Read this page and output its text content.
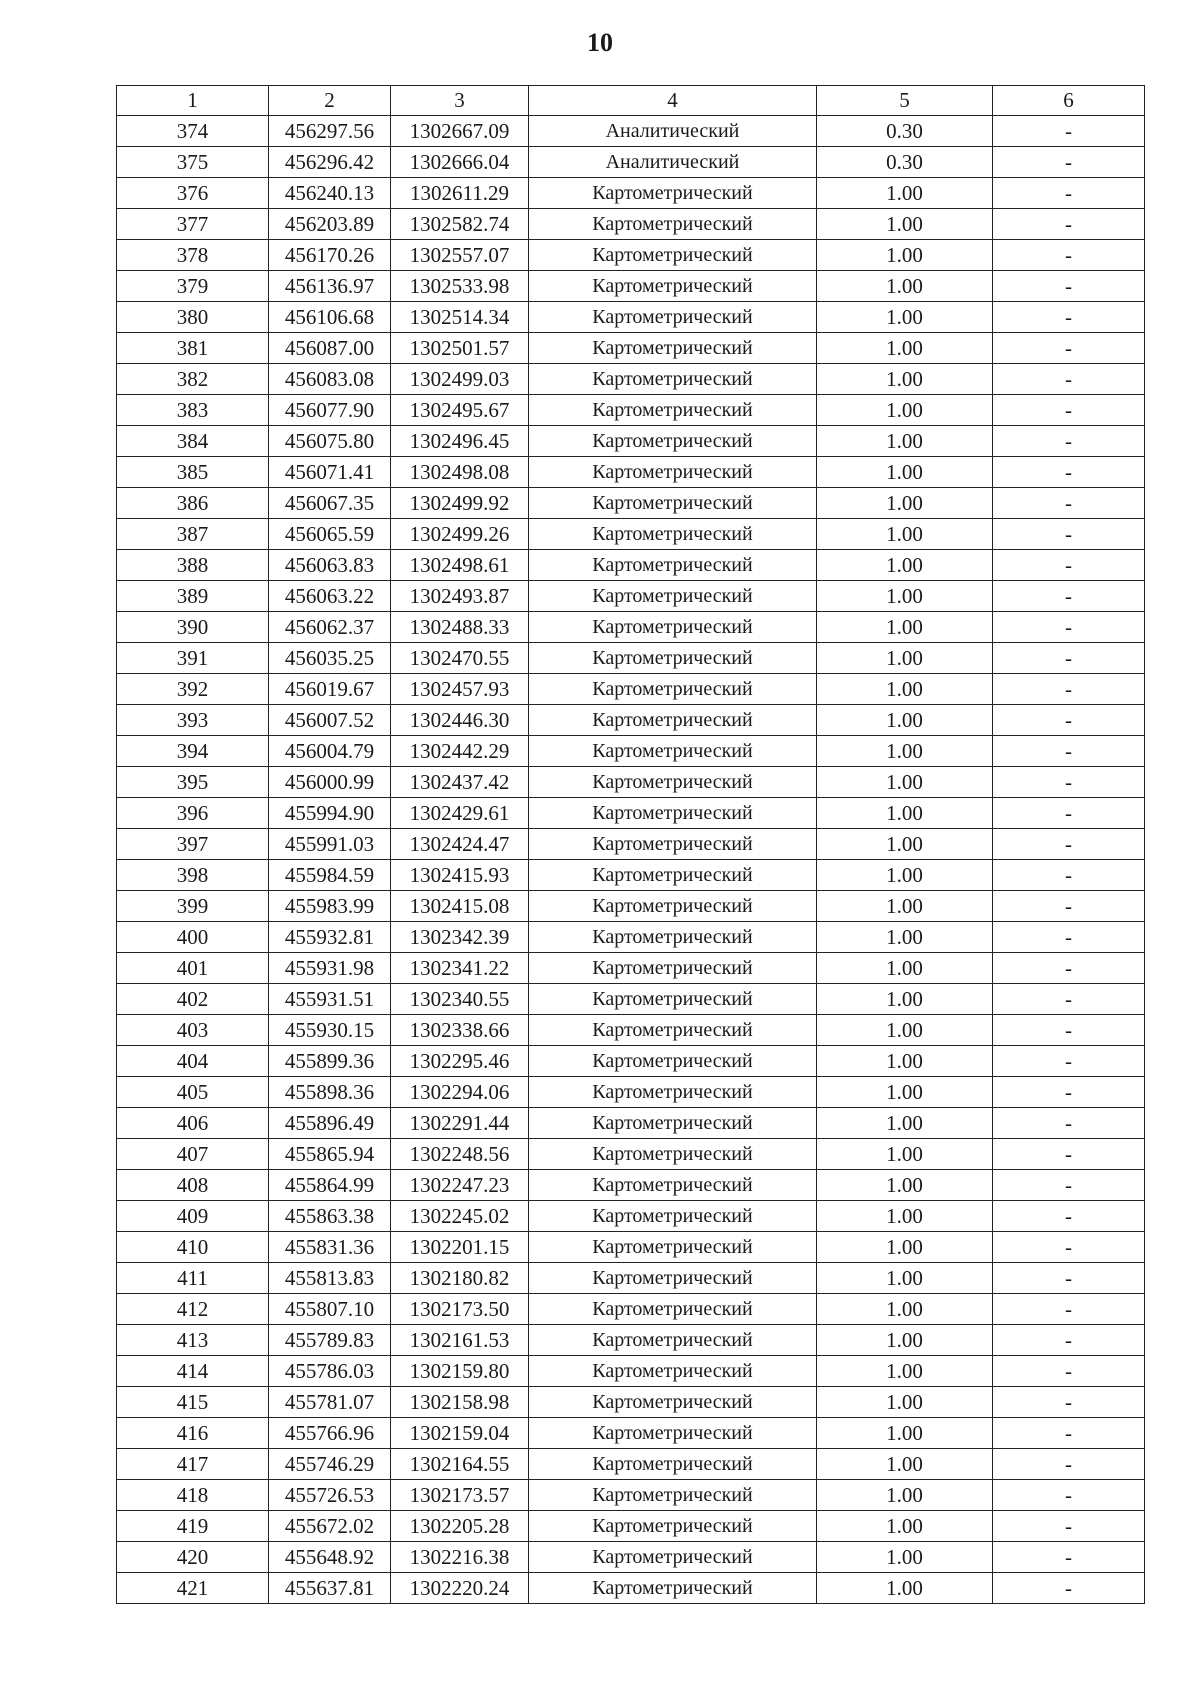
10
1	2	3	4	5	6
374	456297.56	1302667.09	Аналитический	0.30	-
375	456296.42	1302666.04	Аналитический	0.30	-
376	456240.13	1302611.29	Картометрический	1.00	-
377	456203.89	1302582.74	Картометрический	1.00	-
378	456170.26	1302557.07	Картометрический	1.00	-
379	456136.97	1302533.98	Картометрический	1.00	-
380	456106.68	1302514.34	Картометрический	1.00	-
381	456087.00	1302501.57	Картометрический	1.00	-
382	456083.08	1302499.03	Картометрический	1.00	-
383	456077.90	1302495.67	Картометрический	1.00	-
384	456075.80	1302496.45	Картометрический	1.00	-
385	456071.41	1302498.08	Картометрический	1.00	-
386	456067.35	1302499.92	Картометрический	1.00	-
387	456065.59	1302499.26	Картометрический	1.00	-
388	456063.83	1302498.61	Картометрический	1.00	-
389	456063.22	1302493.87	Картометрический	1.00	-
390	456062.37	1302488.33	Картометрический	1.00	-
391	456035.25	1302470.55	Картометрический	1.00	-
392	456019.67	1302457.93	Картометрический	1.00	-
393	456007.52	1302446.30	Картометрический	1.00	-
394	456004.79	1302442.29	Картометрический	1.00	-
395	456000.99	1302437.42	Картометрический	1.00	-
396	455994.90	1302429.61	Картометрический	1.00	-
397	455991.03	1302424.47	Картометрический	1.00	-
398	455984.59	1302415.93	Картометрический	1.00	-
399	455983.99	1302415.08	Картометрический	1.00	-
400	455932.81	1302342.39	Картометрический	1.00	-
401	455931.98	1302341.22	Картометрический	1.00	-
402	455931.51	1302340.55	Картометрический	1.00	-
403	455930.15	1302338.66	Картометрический	1.00	-
404	455899.36	1302295.46	Картометрический	1.00	-
405	455898.36	1302294.06	Картометрический	1.00	-
406	455896.49	1302291.44	Картометрический	1.00	-
407	455865.94	1302248.56	Картометрический	1.00	-
408	455864.99	1302247.23	Картометрический	1.00	-
409	455863.38	1302245.02	Картометрический	1.00	-
410	455831.36	1302201.15	Картометрический	1.00	-
411	455813.83	1302180.82	Картометрический	1.00	-
412	455807.10	1302173.50	Картометрический	1.00	-
413	455789.83	1302161.53	Картометрический	1.00	-
414	455786.03	1302159.80	Картометрический	1.00	-
415	455781.07	1302158.98	Картометрический	1.00	-
416	455766.96	1302159.04	Картометрический	1.00	-
417	455746.29	1302164.55	Картометрический	1.00	-
418	455726.53	1302173.57	Картометрический	1.00	-
419	455672.02	1302205.28	Картометрический	1.00	-
420	455648.92	1302216.38	Картометрический	1.00	-
421	455637.81	1302220.24	Картометрический	1.00	-
